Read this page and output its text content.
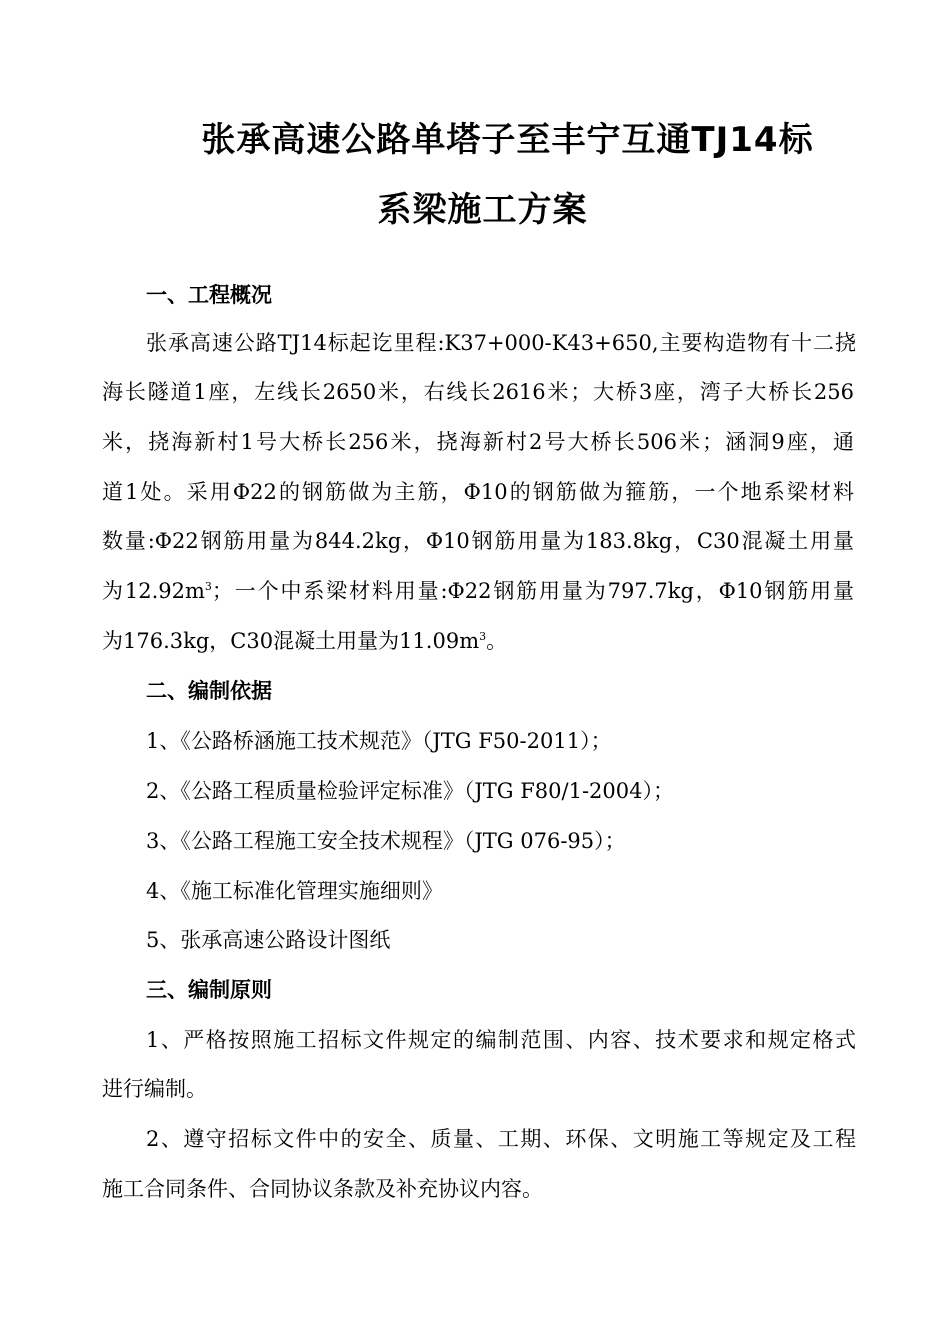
张承高速公路单塔子至丰宁互通TJ14标
系梁施工方案
一、工程概况
张承高速公路TJ14标起讫里程:K37+000-K43+650,主要构造物有十二挠
海长隧道1座，左线长2650米，右线长2616米；大桥3座，湾子大桥长256
米，挠海新村1号大桥长256米，挠海新村2号大桥长506米；涵洞9座，通
道1处。采用Φ22的钢筋做为主筋，Φ10的钢筋做为箍筋，一个地系梁材料
数量:Φ22钢筋用量为844.2kg，Φ10钢筋用量为183.8kg，C30混凝土用量
为$12.92m^3$；一个中系梁材料用量:Φ22钢筋用量为797.7kg，Φ10钢筋用量
为176.3kg，C30混凝土用量为$11.09m^3$。
二、编制依据
1、《公路桥涵施工技术规范》（JTG F50-2011）；
2、《公路工程质量检验评定标准》（JTG F80/1-2004）；
3、《公路工程施工安全技术规程》（JTG 076-95）；
4、《施工标准化管理实施细则》
5、张承高速公路设计图纸
三、编制原则
1、严格按照施工招标文件规定的编制范围、内容、技术要求和规定格式
进行编制。
2、遵守招标文件中的安全、质量、工期、环保、文明施工等规定及工程
施工合同条件、合同协议条款及补充协议内容。
